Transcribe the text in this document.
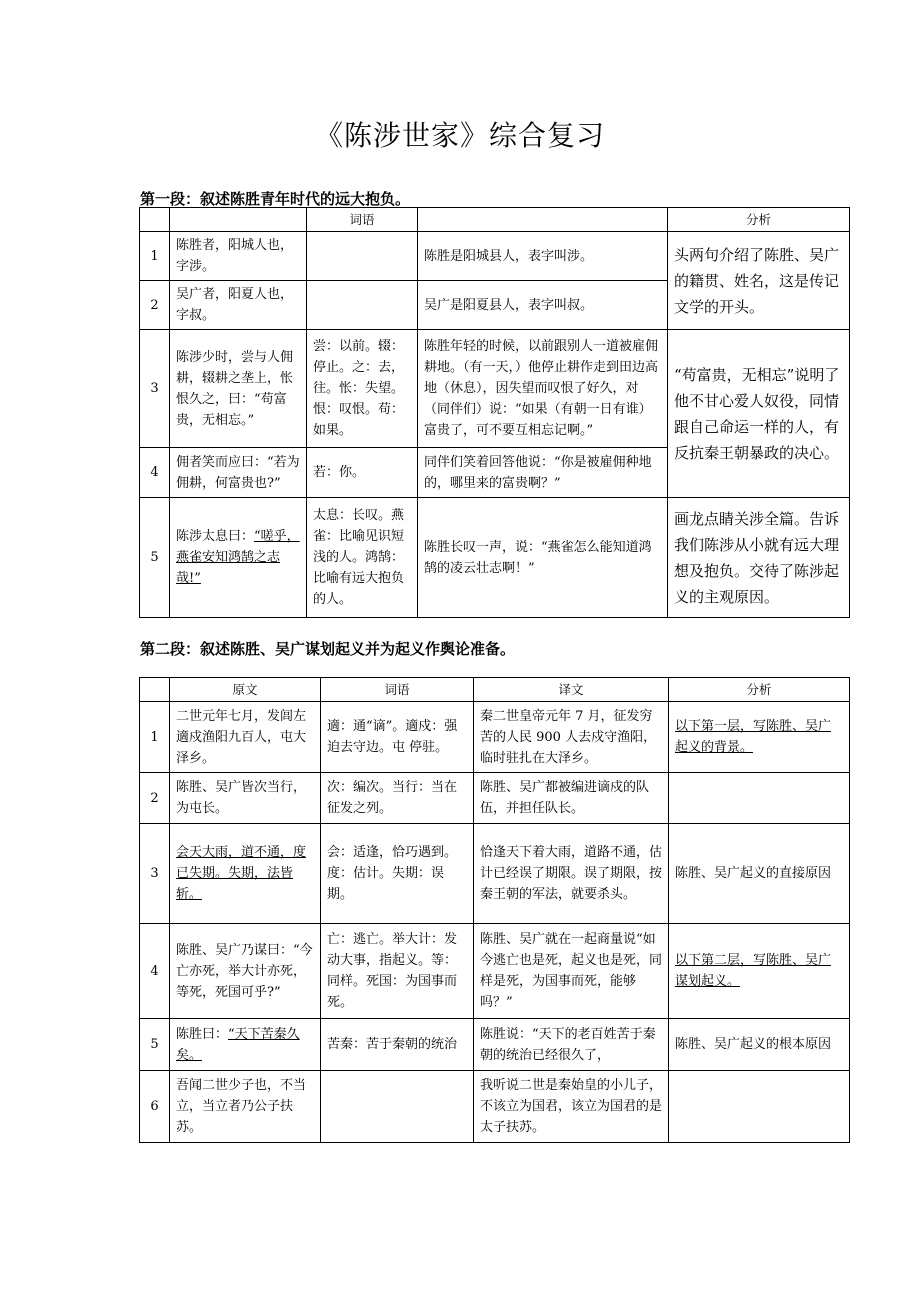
《陈涉世家》综合复习
第一段：叙述陈胜青年时代的远大抱负。
		词语		分析
1	陈胜者，阳城人也，字涉。		陈胜是阳城县人，表字叫涉。	头两句介绍了陈胜、吴广的籍贯、姓名，这是传记文学的开头。
2	吴广者，阳夏人也，字叔。		吴广是阳夏县人，表字叫叔。	
3	陈涉少时，尝与人佣耕，辍耕之垄上，怅恨久之，曰：“苟富贵，无相忘。”	尝：以前。辍：停止。之：去，往。怅：失望。恨：叹恨。苟：如果。	陈胜年轻的时候，以前跟别人一道被雇佣耕地。（有一天，）他停止耕作走到田边高地（休息），因失望而叹恨了好久，对（同伴们）说：“如果（有朝一日有谁）富贵了，可不要互相忘记啊。”	“苟富贵，无相忘”说明了他不甘心爱人奴役，同情跟自己命运一样的人，有反抗秦王朝暴政的决心。
4	佣者笑而应曰：“若为佣耕，何富贵也?”	若：你。	同伴们笑着回答他说：“你是被雇佣种地的，哪里来的富贵啊？”	
5	陈涉太息曰：“嗟乎，燕雀安知鸿鹄之志哉!”	太息：长叹。燕雀：比喻见识短浅的人。鸿鹄：比喻有远大抱负的人。	陈胜长叹一声，说：“燕雀怎么能知道鸿鹄的凌云壮志啊！”	画龙点睛关涉全篇。告诉我们陈涉从小就有远大理想及抱负。交待了陈涉起义的主观原因。
第二段：叙述陈胜、吴广谋划起义并为起义作舆论准备。
	原文	词语	译文	分析
1	二世元年七月，发闾左適戍渔阳九百人，屯大泽乡。	適：通“谪”。適戍：强迫去守边。屯 停驻。	秦二世皇帝元年 7 月，征发穷苦的人民 900 人去戍守渔阳，临时驻扎在大泽乡。	以下第一层，写陈胜、吴广起义的背景。
2	陈胜、吴广皆次当行，为屯长。	次：编次。当行：当在征发之列。	陈胜、吴广都被编进谪戍的队伍，并担任队长。	
3	会天大雨，道不通，度已失期。失期，法皆斩。	会：适逢，恰巧遇到。度：估计。失期：误期。	恰逢天下着大雨，道路不通，估计已经误了期限。误了期限，按秦王朝的军法，就要杀头。	陈胜、吴广起义的直接原因
4	陈胜、吴广乃谋曰：“今亡亦死，举大计亦死，等死，死国可乎?”	亡：逃亡。举大计：发动大事，指起义。等：同样。死国：为国事而死。	陈胜、吴广就在一起商量说“如今逃亡也是死，起义也是死，同样是死，为国事而死，能够吗？”	以下第二层，写陈胜、吴广谋划起义。
5	陈胜曰：“天下苦秦久矣。	苦秦：苦于秦朝的统治	陈胜说：“天下的老百姓苦于秦朝的统治已经很久了，	陈胜、吴广起义的根本原因
6	吾闻二世少子也，不当立，当立者乃公子扶苏。		我听说二世是秦始皇的小儿子，不该立为国君，该立为国君的是太子扶苏。	
